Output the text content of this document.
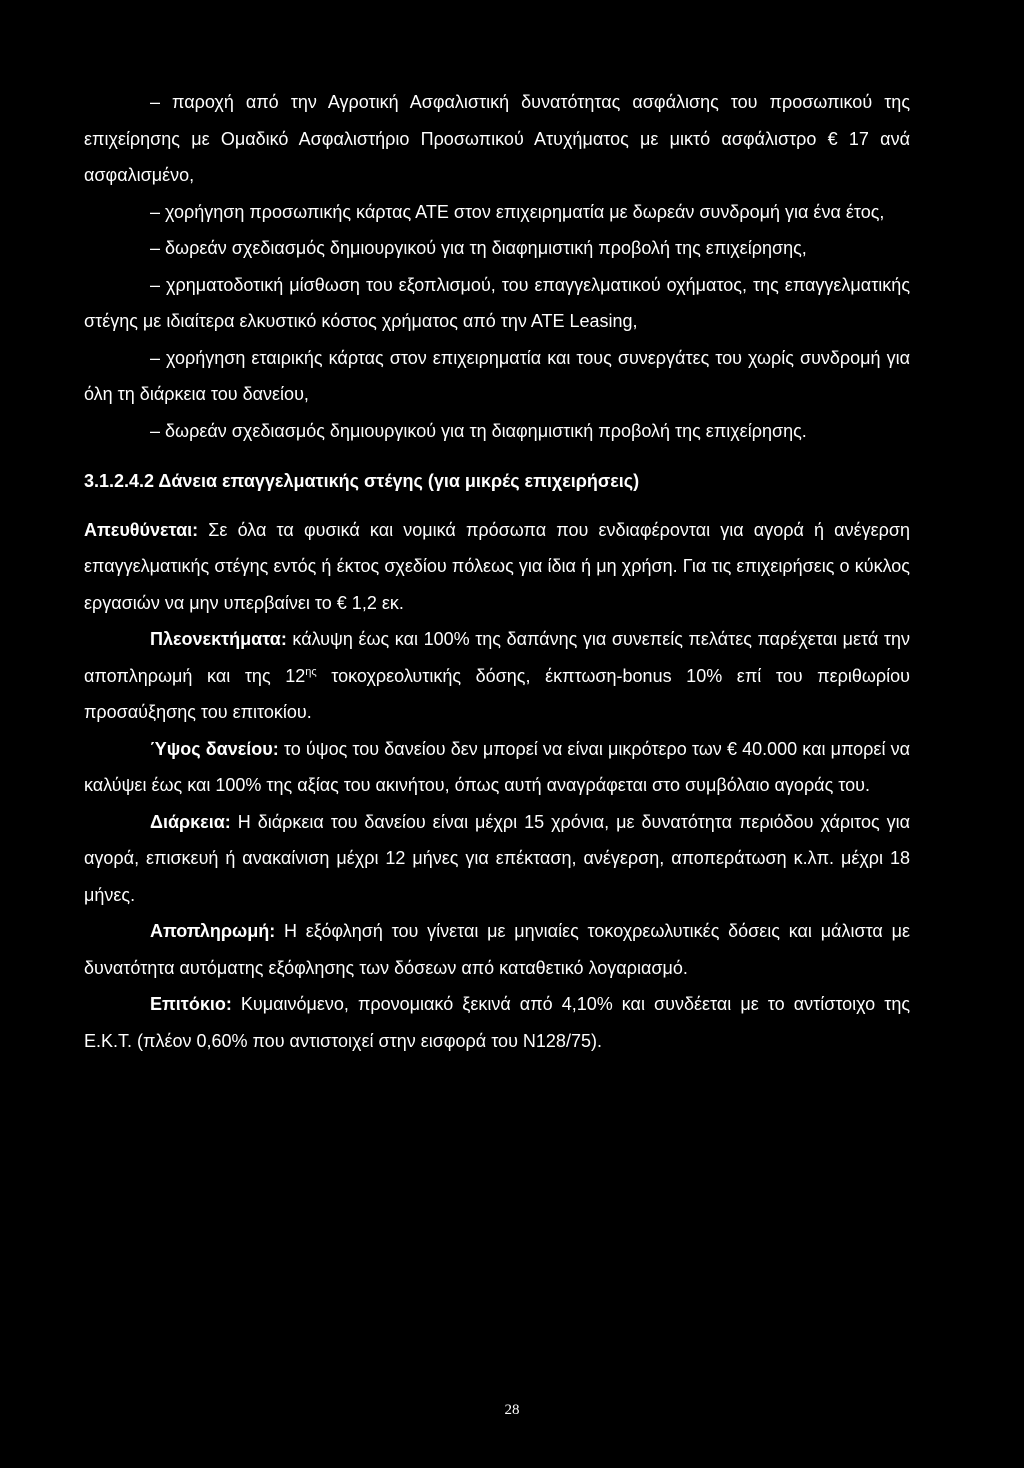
– παροχή από την Αγροτική Ασφαλιστική δυνατότητας ασφάλισης του προσωπικού της επιχείρησης με Ομαδικό Ασφαλιστήριο Προσωπικού Ατυχήματος με μικτό ασφάλιστρο € 17 ανά ασφαλισμένο,

– χορήγηση προσωπικής κάρτας ΑΤΕ στον επιχειρηματία με δωρεάν συνδρομή για ένα έτος,

– δωρεάν σχεδιασμός δημιουργικού για τη διαφημιστική προβολή της επιχείρησης,

– χρηματοδοτική μίσθωση του εξοπλισμού, του επαγγελματικού οχήματος, της επαγγελματικής στέγης με ιδιαίτερα ελκυστικό κόστος χρήματος από την ΑΤΕ Leasing,

– χορήγηση εταιρικής κάρτας στον επιχειρηματία και τους συνεργάτες του χωρίς συνδρομή για όλη τη διάρκεια του δανείου,

– δωρεάν σχεδιασμός δημιουργικού για τη διαφημιστική προβολή της επιχείρησης.

3.1.2.4.2 Δάνεια επαγγελματικής στέγης (για μικρές επιχειρήσεις)

Απευθύνεται: Σε όλα τα φυσικά και νομικά πρόσωπα που ενδιαφέρονται για αγορά ή ανέγερση επαγγελματικής στέγης εντός ή έκτος σχεδίου πόλεως για ίδια ή μη χρήση. Για τις επιχειρήσεις ο κύκλος εργασιών να μην υπερβαίνει το € 1,2 εκ.

Πλεονεκτήματα: κάλυψη έως και 100% της δαπάνης για συνεπείς πελάτες παρέχεται μετά την αποπληρωμή και της $12^{\eta\varsigma}$ τοκοχρεολυτικής δόσης, έκπτωση-bonus 10% επί του περιθωρίου προσαύξησης του επιτοκίου.

Ύψος δανείου: το ύψος του δανείου δεν μπορεί να είναι μικρότερο των € 40.000 και μπορεί να καλύψει έως και 100% της αξίας του ακινήτου, όπως αυτή αναγράφεται στο συμβόλαιο αγοράς του.

Διάρκεια: Η διάρκεια του δανείου είναι μέχρι 15 χρόνια, με δυνατότητα περιόδου χάριτος για αγορά, επισκευή ή ανακαίνιση μέχρι 12 μήνες για επέκταση, ανέγερση, αποπεράτωση κ.λπ. μέχρι 18 μήνες.

Αποπληρωμή: Η εξόφλησή του γίνεται με μηνιαίες τοκοχρεωλυτικές δόσεις και μάλιστα με δυνατότητα αυτόματης εξόφλησης των δόσεων από καταθετικό λογαριασμό.

Επιτόκιο: Κυμαινόμενο, προνομιακό ξεκινά από 4,10% και συνδέεται με το αντίστοιχο της Ε.Κ.Τ. (πλέον 0,60% που αντιστοιχεί στην εισφορά του Ν128/75).

28
